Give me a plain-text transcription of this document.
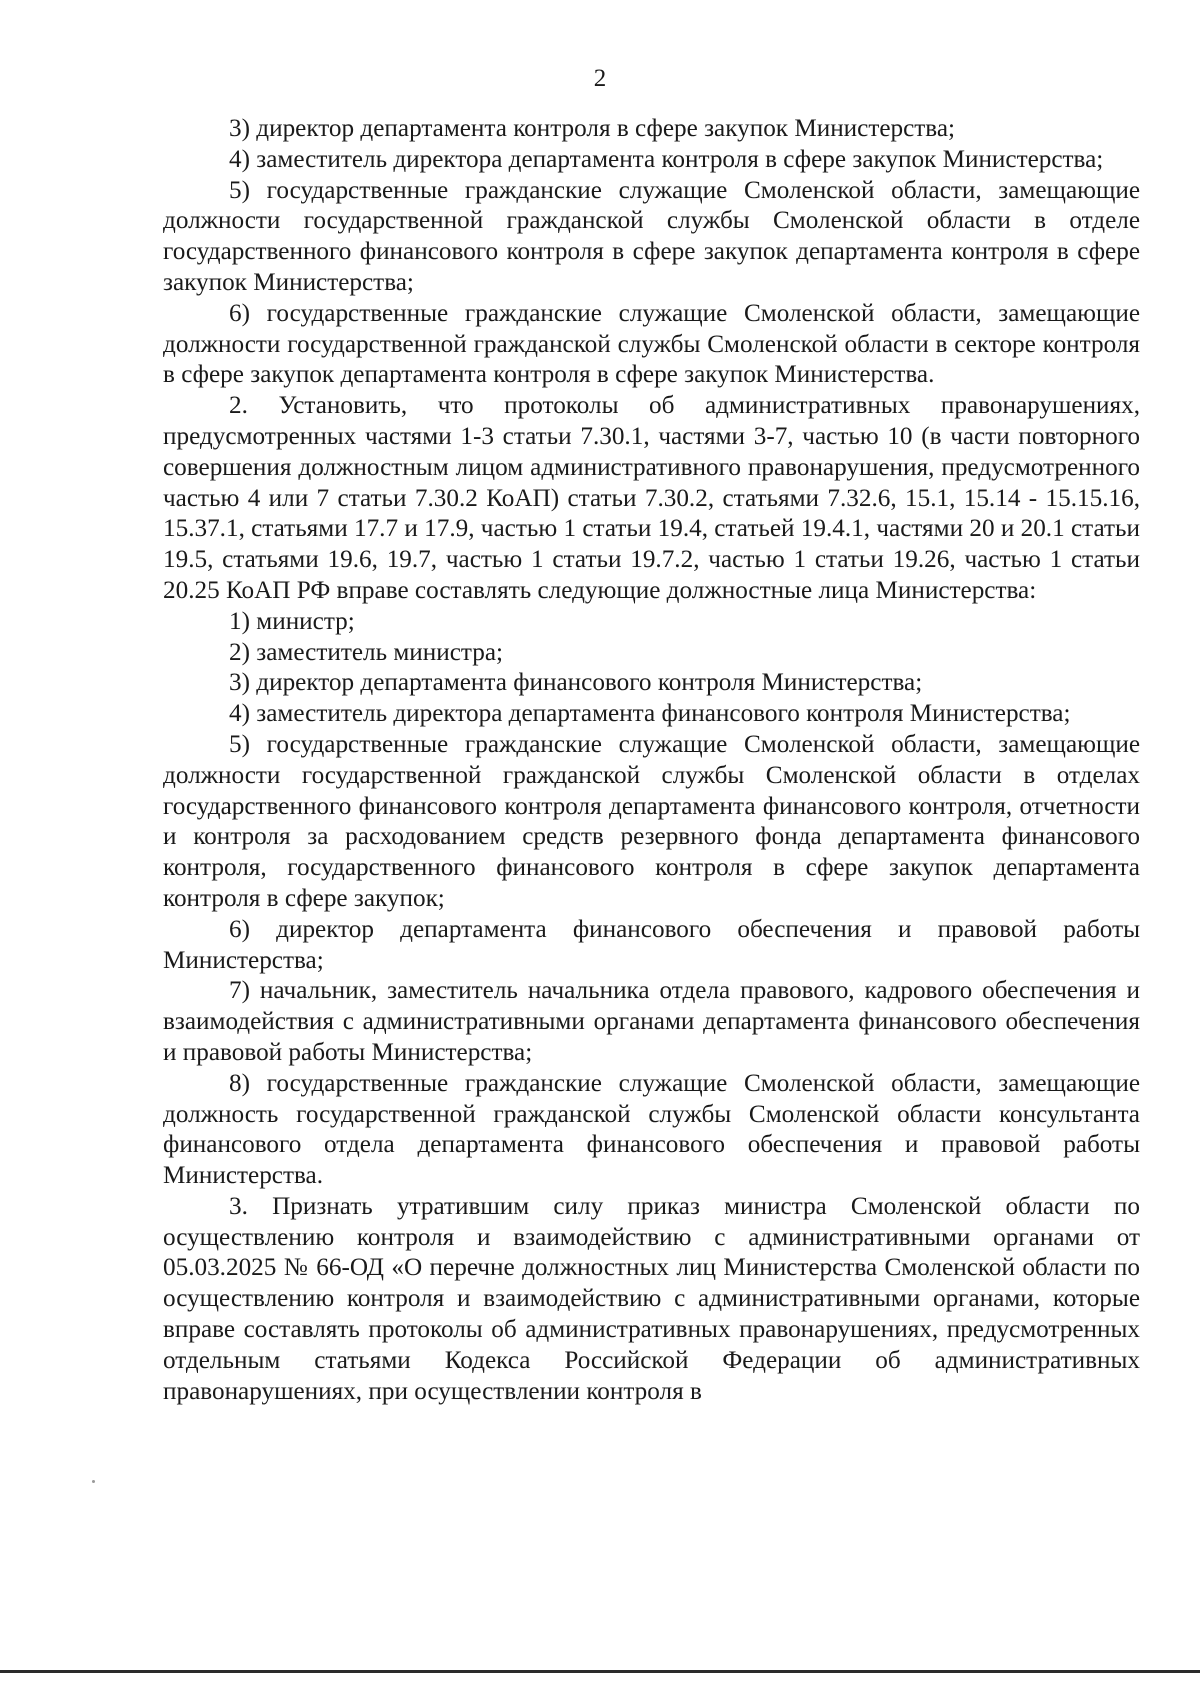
2

3) директор департамента контроля в сфере закупок Министерства;

4) заместитель директора департамента контроля в сфере закупок Министерства;

5) государственные гражданские служащие Смоленской области, замещающие должности государственной гражданской службы Смоленской области в отделе государственного финансового контроля в сфере закупок департамента контроля в сфере закупок Министерства;

6) государственные гражданские служащие Смоленской области, замещающие должности государственной гражданской службы Смоленской области в секторе контроля в сфере закупок департамента контроля в сфере закупок Министерства.

2. Установить, что протоколы об административных правонарушениях, предусмотренных частями 1-3 статьи 7.30.1, частями 3-7, частью 10 (в части повторного совершения должностным лицом административного правонарушения, предусмотренного частью 4 или 7 статьи 7.30.2 КоАП) статьи 7.30.2, статьями 7.32.6, 15.1, 15.14 - 15.15.16, 15.37.1, статьями 17.7 и 17.9, частью 1 статьи 19.4, статьей 19.4.1, частями 20 и 20.1 статьи 19.5, статьями 19.6, 19.7, частью 1 статьи 19.7.2, частью 1 статьи 19.26, частью 1 статьи 20.25 КоАП РФ вправе составлять следующие должностные лица Министерства:

1) министр;

2) заместитель министра;

3) директор департамента финансового контроля Министерства;

4) заместитель директора департамента финансового контроля Министерства;

5) государственные гражданские служащие Смоленской области, замещающие должности государственной гражданской службы Смоленской области в отделах государственного финансового контроля департамента финансового контроля, отчетности и контроля за расходованием средств резервного фонда департамента финансового контроля, государственного финансового контроля в сфере закупок департамента контроля в сфере закупок;

6) директор департамента финансового обеспечения и правовой работы Министерства;

7) начальник, заместитель начальника отдела правового, кадрового обеспечения и взаимодействия с административными органами департамента финансового обеспечения и правовой работы Министерства;

8) государственные гражданские служащие Смоленской области, замещающие должность государственной гражданской службы Смоленской области консультанта финансового отдела департамента финансового обеспечения и правовой работы Министерства.

3. Признать утратившим силу приказ министра Смоленской области по осуществлению контроля и взаимодействию с административными органами от 05.03.2025 № 66-ОД «О перечне должностных лиц Министерства Смоленской области по осуществлению контроля и взаимодействию с административными органами, которые вправе составлять протоколы об административных правонарушениях, предусмотренных отдельным статьями Кодекса Российской Федерации об административных правонарушениях, при осуществлении контроля в
